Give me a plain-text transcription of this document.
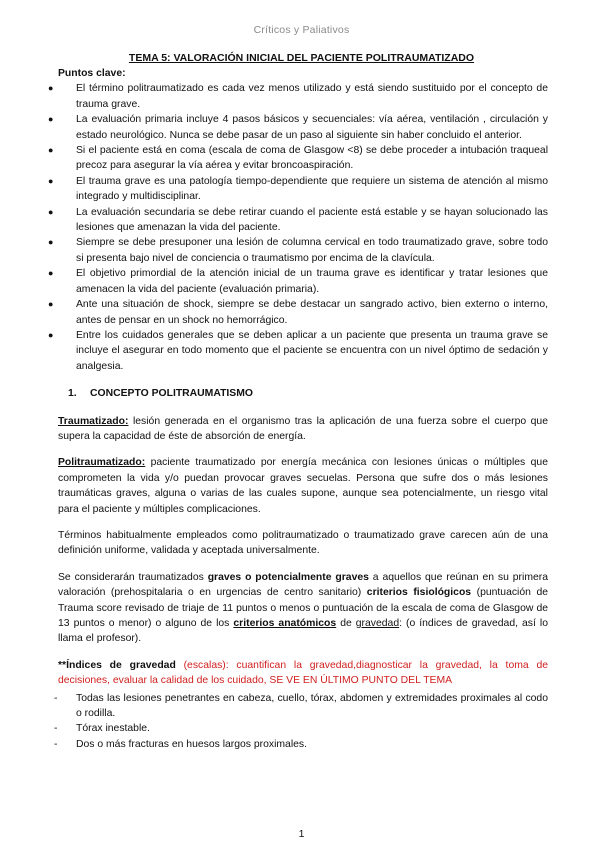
Críticos y Paliativos
TEMA 5: VALORACIÓN INICIAL DEL PACIENTE POLITRAUMATIZADO
Puntos clave:
● El término politraumatizado es cada vez menos utilizado y está siendo sustituido por el concepto de trauma grave.
● La evaluación primaria incluye 4 pasos básicos y secuenciales: vía aérea, ventilación , circulación y estado neurológico. Nunca se debe pasar de un paso al siguiente sin haber concluido el anterior.
● Si el paciente está en coma (escala de coma de Glasgow <8) se debe proceder a intubación traqueal precoz para asegurar la vía aérea y evitar broncoaspiración.
● El trauma grave es una patología tiempo-dependiente que requiere un sistema de atención al mismo integrado y multidisciplinar.
● La evaluación secundaria se debe retirar cuando el paciente está estable y se hayan solucionado las lesiones que amenazan la vida del paciente.
● Siempre se debe presuponer una lesión de columna cervical en todo traumatizado grave, sobre todo si presenta bajo nivel de conciencia o traumatismo por encima de la clavícula.
● El objetivo primordial de la atención inicial de un trauma grave es identificar y tratar lesiones que amenacen la vida del paciente (evaluación primaria).
● Ante una situación de shock, siempre se debe destacar un sangrado activo, bien externo o interno, antes de pensar en un shock no hemorrágico.
● Entre los cuidados generales que se deben aplicar a un paciente que presenta un trauma grave se incluye el asegurar en todo momento que el paciente se encuentra con un nivel óptimo de sedación y analgesia.
1. CONCEPTO POLITRAUMATISMO

Traumatizado: lesión generada en el organismo tras la aplicación de una fuerza sobre el cuerpo que supera la capacidad de éste de absorción de energía.

Politraumatizado: paciente traumatizado por energía mecánica con lesiones únicas o múltiples que comprometen la vida y/o puedan provocar graves secuelas. Persona que sufre dos o más lesiones traumáticas graves, alguna o varias de las cuales supone, aunque sea potencialmente, un riesgo vital para el paciente y múltiples complicaciones.

Términos habitualmente empleados como politraumatizado o traumatizado grave carecen aún de una definición uniforme, validada y aceptada universalmente.

Se considerarán traumatizados graves o potencialmente graves a aquellos que reúnan en su primera valoración (prehospitalaria o en urgencias de centro sanitario) criterios fisiológicos (puntuación de Trauma score revisado de triaje de 11 puntos o menos o puntuación de la escala de coma de Glasgow de 13 puntos o menor) o alguno de los criterios anatómicos de gravedad: (o índices de gravedad, así lo llama el profesor).

**Índices de gravedad (escalas): cuantifican la gravedad,diagnosticar la gravedad, la toma de decisiones, evaluar la calidad de los cuidado, SE VE EN ÚLTIMO PUNTO DEL TEMA

- Todas las lesiones penetrantes en cabeza, cuello, tórax, abdomen y extremidades proximales al codo o rodilla.
- Tórax inestable.
- Dos o más fracturas en huesos largos proximales.
1
